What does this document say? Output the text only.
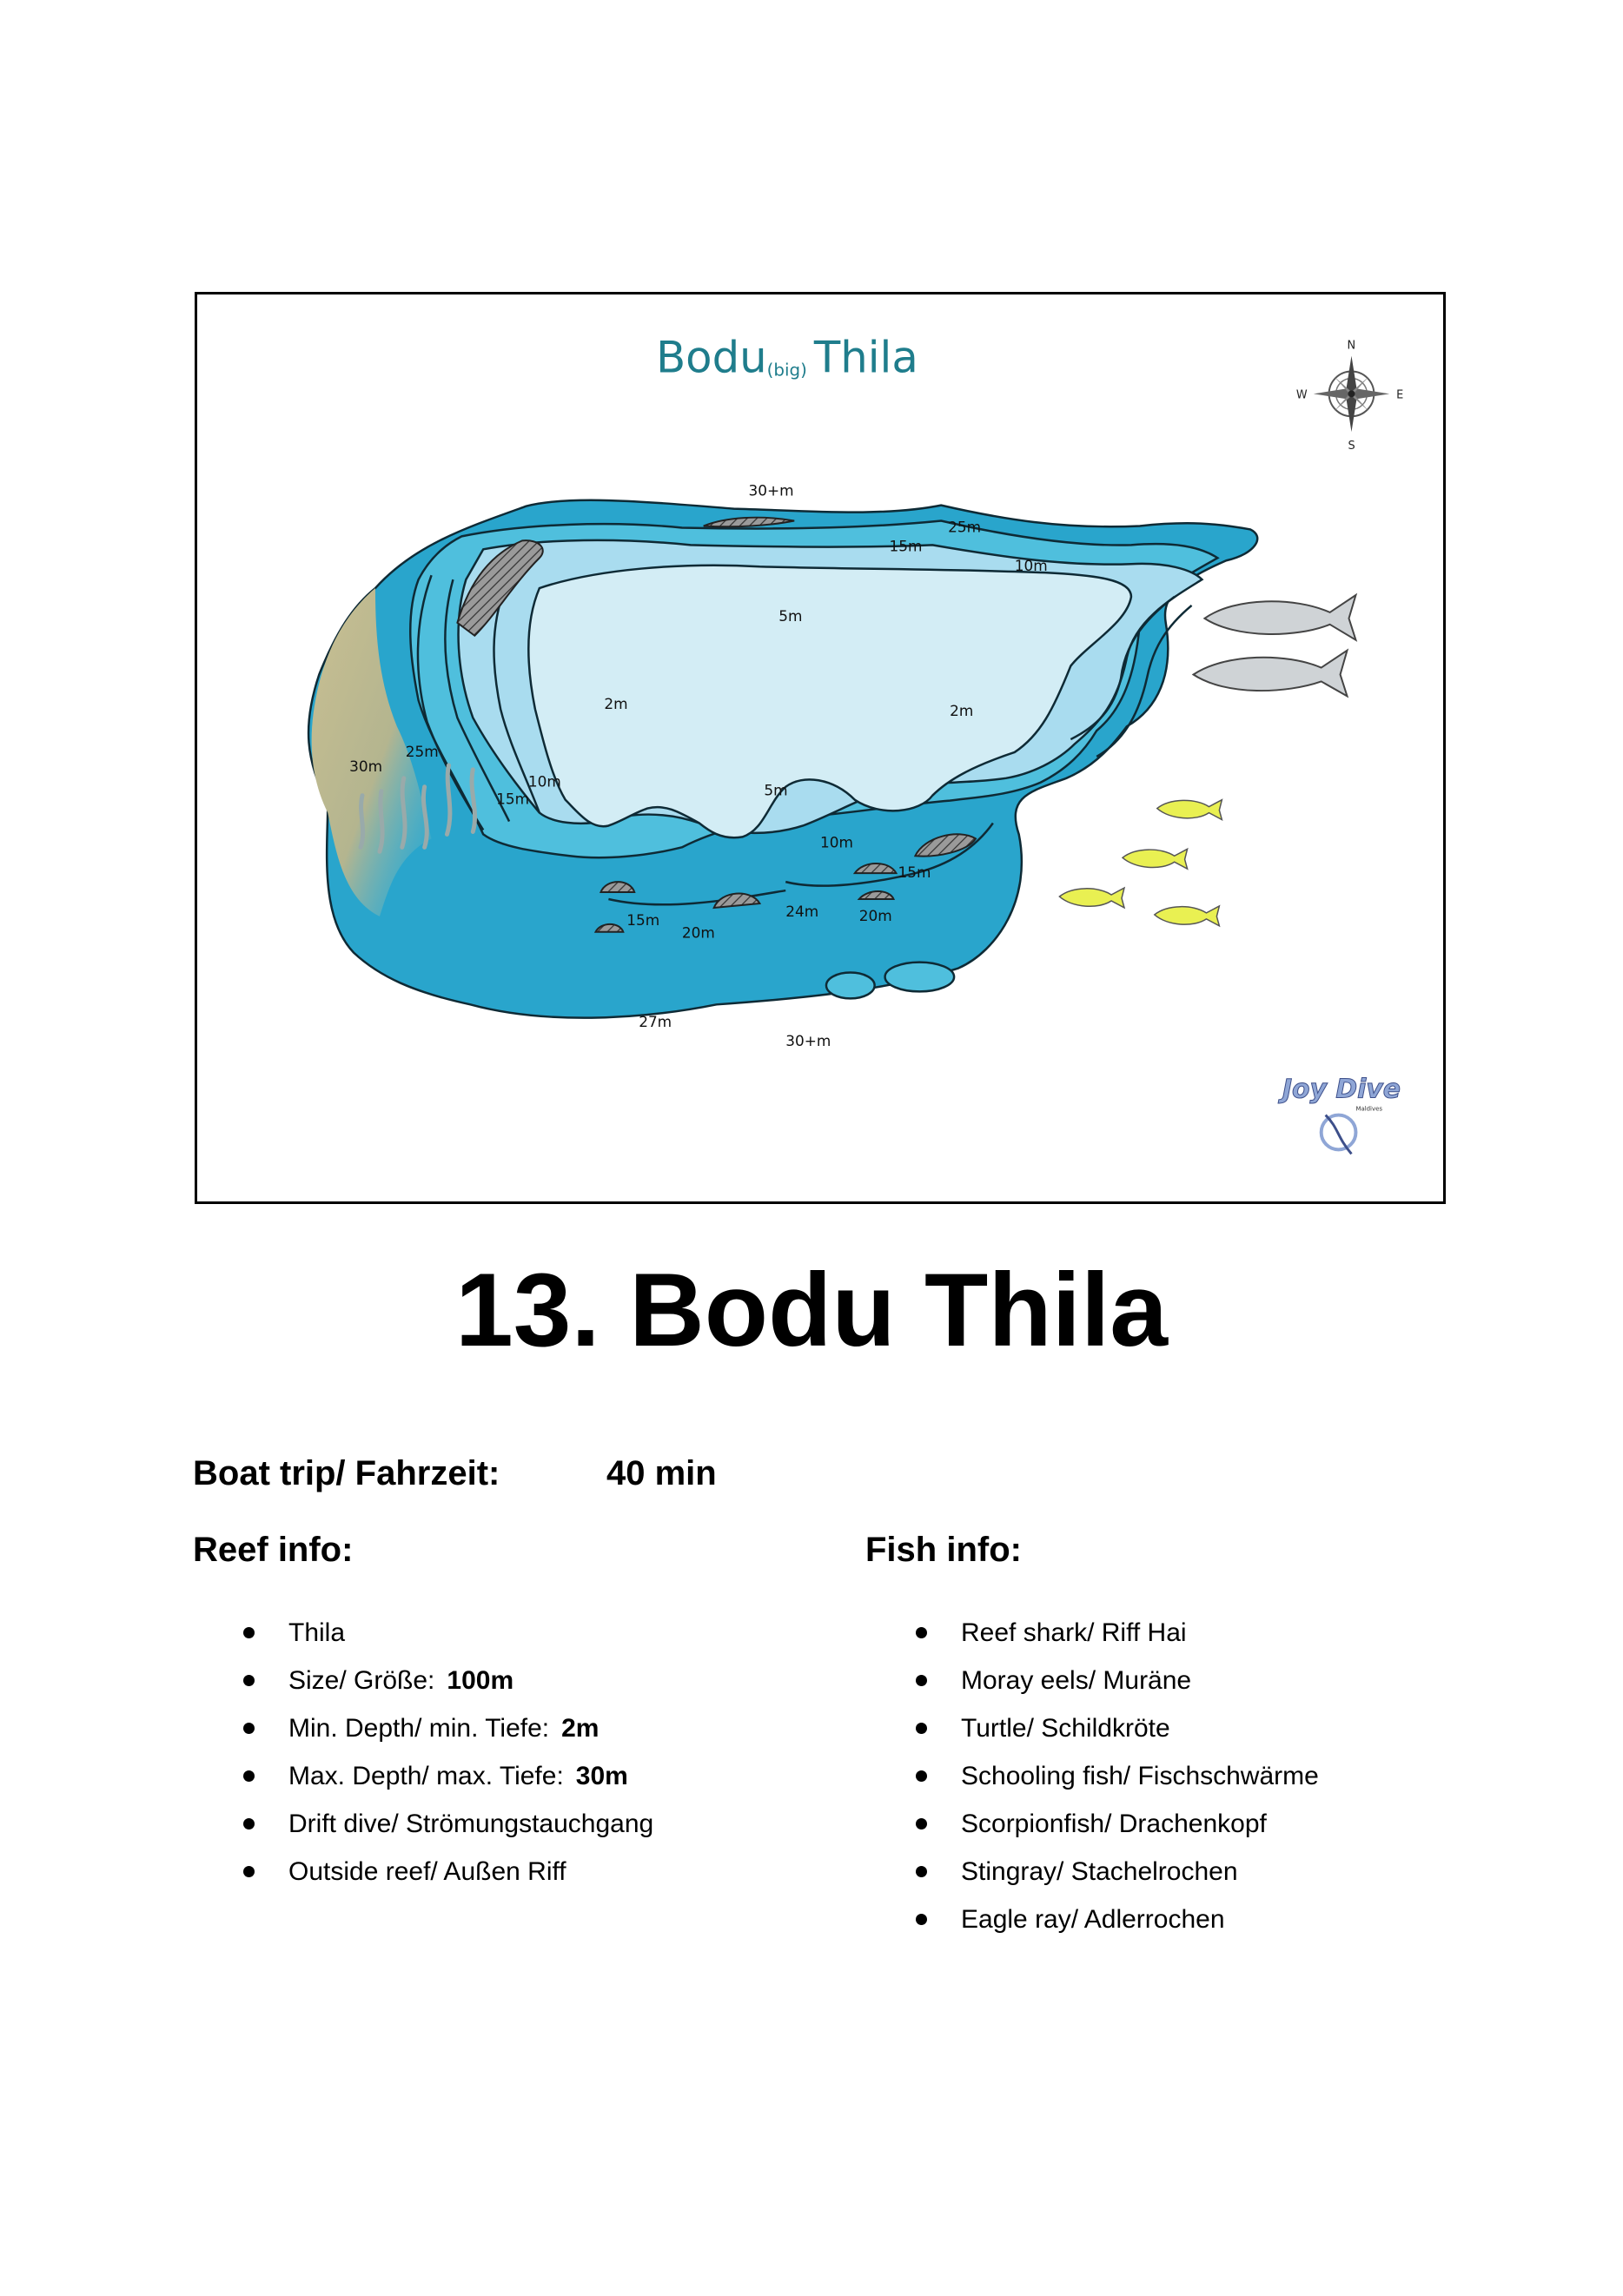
Bodu(big) Thila	N
S
E
W
30+m
25m
15m
10m
5m
2m	2m
5m
30m
25m
15m
10m
10m
15m
15m
20m
24m	20m
27m
30+m
Joy Dive
Maldives
13. Bodu Thila
Boat trip/ Fahrzeit:	40 min
Reef info:	Fish info:
Thila
Size/ Größe: 100m
Min. Depth/ min. Tiefe: 2m
Max. Depth/ max. Tiefe: 30m
Drift dive/ Strömungstauchgang
Outside reef/ Außen Riff
Reef shark/ Riff Hai
Moray eels/ Muräne
Turtle/ Schildkröte
Schooling fish/ Fischschwärme
Scorpionfish/ Drachenkopf
Stingray/ Stachelrochen
Eagle ray/ Adlerrochen
